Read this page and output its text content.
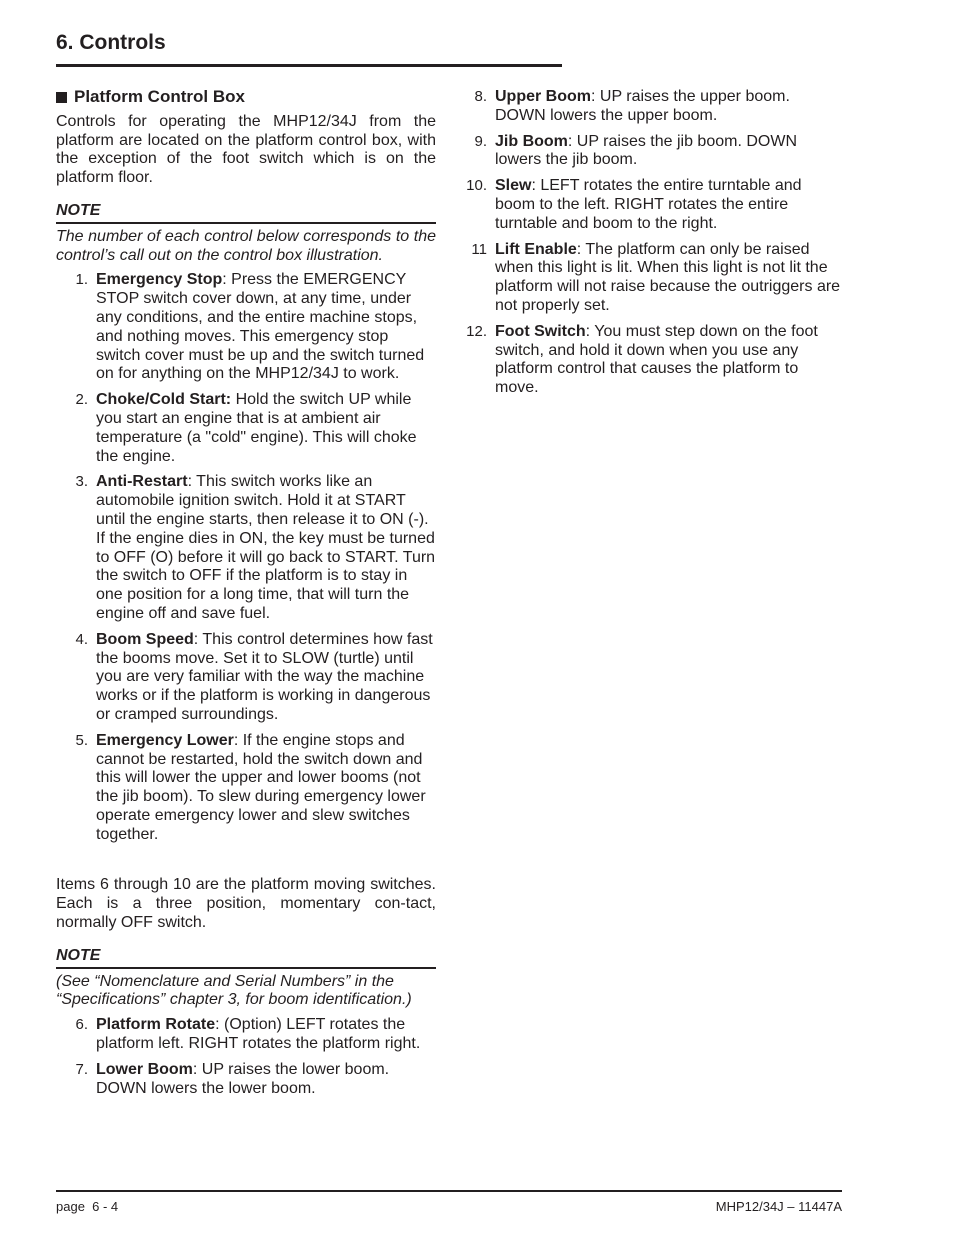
6. Controls
Platform Control Box

Controls for operating the MHP12/34J from the platform are located on the platform control box, with the exception of the foot switch which is on the platform floor.

NOTE

The number of each control below corresponds to the control’s call out on the control box illustration.

1. Emergency Stop: Press the EMERGENCY STOP switch cover down, at any time, under any conditions, and the entire machine stops, and nothing moves. This emergency stop switch cover must be up and the switch turned on for anything on the MHP12/34J to work.
2. Choke/Cold Start: Hold the switch UP while you start an engine that is at ambient air temperature (a "cold" engine). This will choke the engine.
3. Anti-Restart: This switch works like an automobile ignition switch. Hold it at START until the engine starts, then release it to ON (-). If the engine dies in ON, the key must be turned to OFF (O) before it will go back to START. Turn the switch to OFF if the platform is to stay in one position for a long time, that will turn the engine off and save fuel.
4. Boom Speed: This control determines how fast the booms move. Set it to SLOW (turtle) until you are very familiar with the way the machine works or if the platform is working in dangerous or cramped surroundings.
5. Emergency Lower: If the engine stops and cannot be restarted, hold the switch down and this will lower the upper and lower booms (not the jib boom). To slew during emergency lower operate emergency lower and slew switches together.

Items 6 through 10 are the platform moving switches. Each is a three position, momentary con-tact, normally OFF switch.

NOTE

(See “Nomenclature and Serial Numbers” in the “Specifications” chapter 3, for boom identification.)

6. Platform Rotate: (Option) LEFT rotates the platform left. RIGHT rotates the platform right.
7. Lower Boom: UP raises the lower boom. DOWN lowers the lower boom.
8. Upper Boom: UP raises the upper boom. DOWN lowers the upper boom.
9. Jib Boom: UP raises the jib boom. DOWN lowers the jib boom.
10. Slew: LEFT rotates the entire turntable and boom to the left. RIGHT rotates the entire turntable and boom to the right.
11 Lift Enable: The platform can only be raised when this light is lit. When this light is not lit the platform will not raise because the outriggers are not properly set.
12. Foot Switch: You must step down on the foot switch, and hold it down when you use any platform control that causes the platform to move.
page  6 - 4	MHP12/34J – 11447A
